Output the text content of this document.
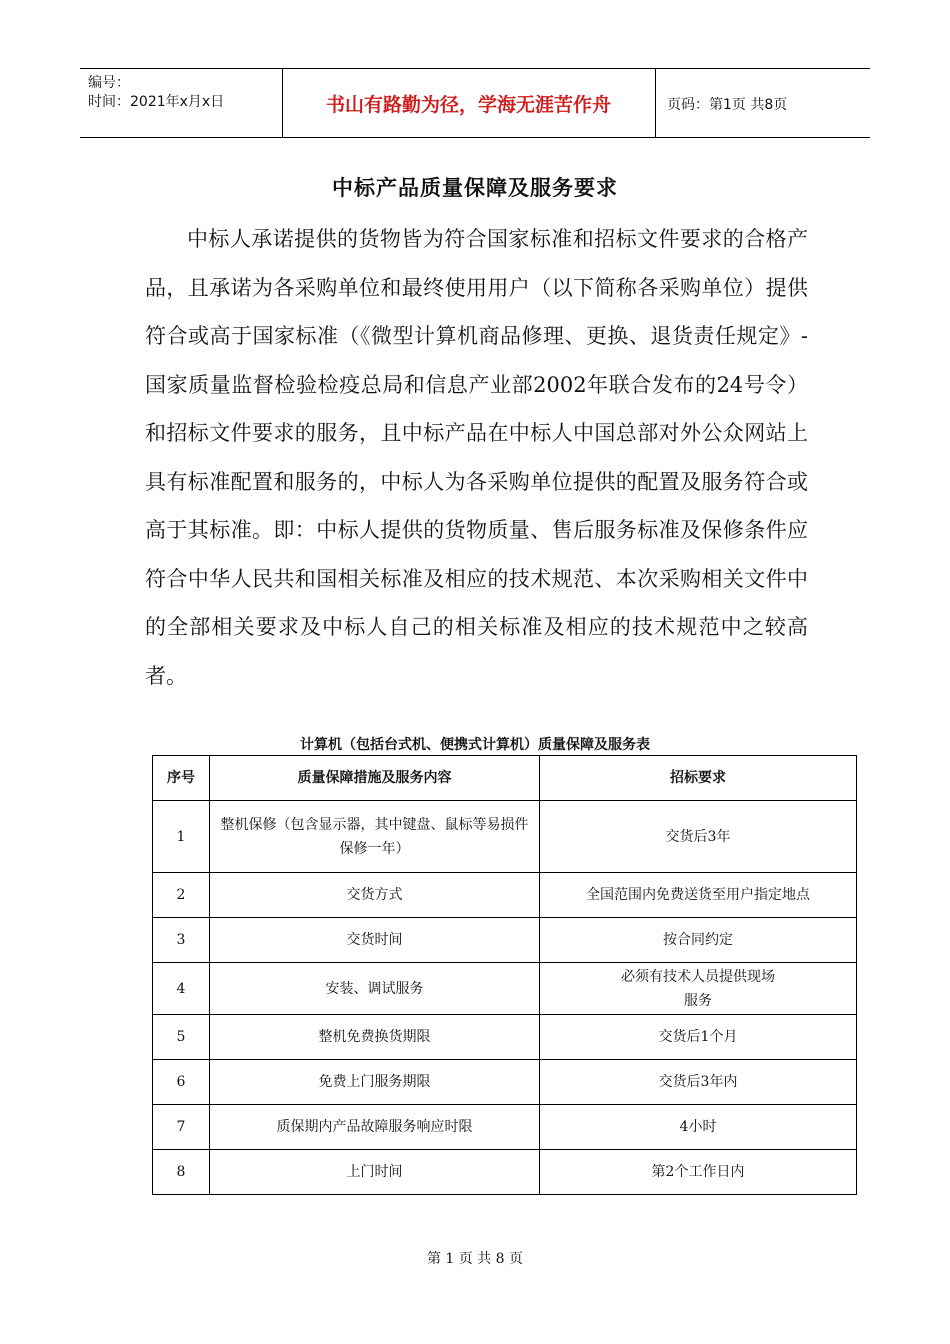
编号：
时间：2021年x月x日	书山有路勤为径，学海无涯苦作舟	页码：第1页 共8页
中标产品质量保障及服务要求
中标人承诺提供的货物皆为符合国家标准和招标文件要求的合格产品，且承诺为各采购单位和最终使用用户（以下简称各采购单位）提供符合或高于国家标准（《微型计算机商品修理、更换、退货责任规定》-国家质量监督检验检疫总局和信息产业部2002年联合发布的24号令）和招标文件要求的服务，且中标产品在中标人中国总部对外公众网站上具有标准配置和服务的，中标人为各采购单位提供的配置及服务符合或高于其标准。即：中标人提供的货物质量、售后服务标准及保修条件应符合中华人民共和国相关标准及相应的技术规范、本次采购相关文件中的全部相关要求及中标人自己的相关标准及相应的技术规范中之较高者。
计算机（包括台式机、便携式计算机）质量保障及服务表
序号	质量保障措施及服务内容	招标要求
1	整机保修（包含显示器，其中键盘、鼠标等易损件保修一年）	交货后3年
2	交货方式	全国范围内免费送货至用户指定地点
3	交货时间	按合同约定
4	安装、调试服务	必须有技术人员提供现场服务
5	整机免费换货期限	交货后1个月
6	免费上门服务期限	交货后3年内
7	质保期内产品故障服务响应时限	4小时
8	上门时间	第2个工作日内
第 1 页 共 8 页
